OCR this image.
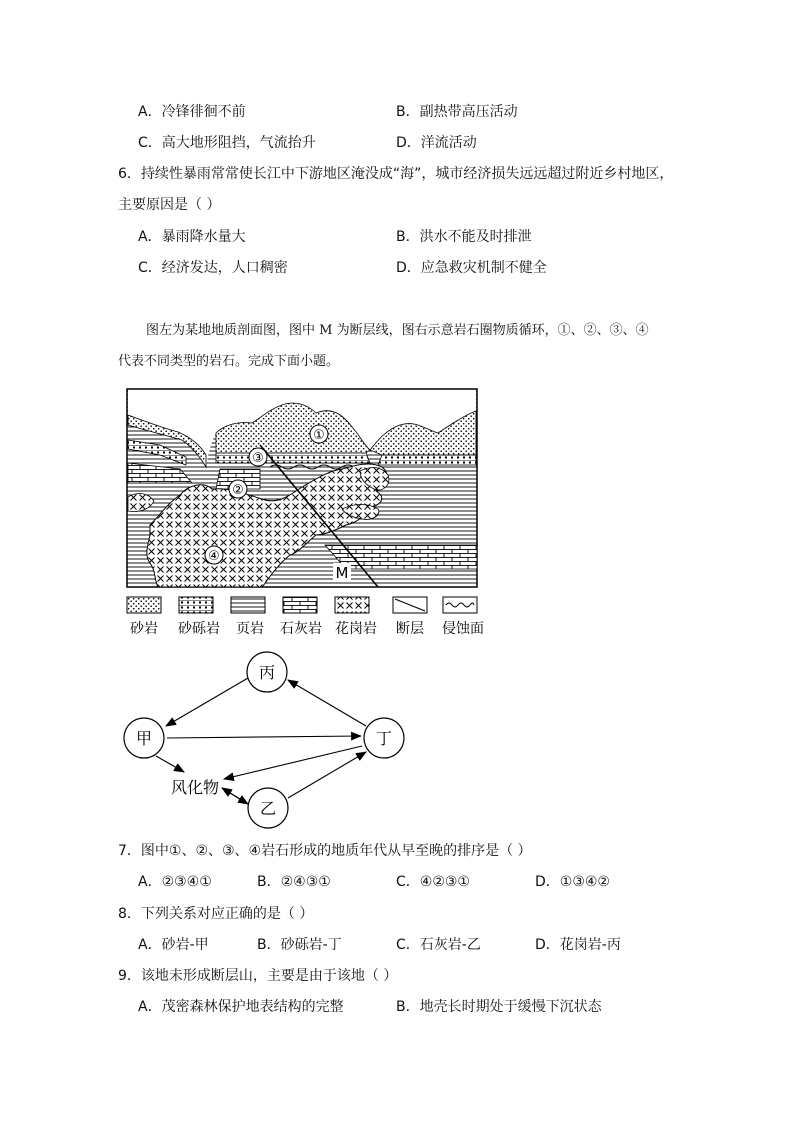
A．冷锋徘徊不前	B．副热带高压活动
C．高大地形阻挡，气流抬升	D．洋流活动
6．持续性暴雨常常使长江中下游地区淹没成“海”，城市经济损失远远超过附近乡村地区，
主要原因是（ ）
A．暴雨降水量大	B．洪水不能及时排泄
C．经济发达，人口稠密	D．应急救灾机制不健全
图左为某地地质剖面图，图中 M 为断层线，图右示意岩石圈物质循环，①、②、③、④
代表不同类型的岩石。完成下面小题。
①
③
②
④
M
砂岩 砂砾岩 页岩 石灰岩 花岗岩 断层 侵蚀面
丙
甲	丁
乙
风化物
7．图中①、②、③、④岩石形成的地质年代从早至晚的排序是（ ）
A．②③④①	B．②④③①	C．④②③①	D．①③④②
8．下列关系对应正确的是（ ）
A．砂岩-甲	B．砂砾岩-丁	C．石灰岩-乙	D．花岗岩-丙
9．该地未形成断层山，主要是由于该地（ ）
A．茂密森林保护地表结构的完整	B．地壳长时期处于缓慢下沉状态
